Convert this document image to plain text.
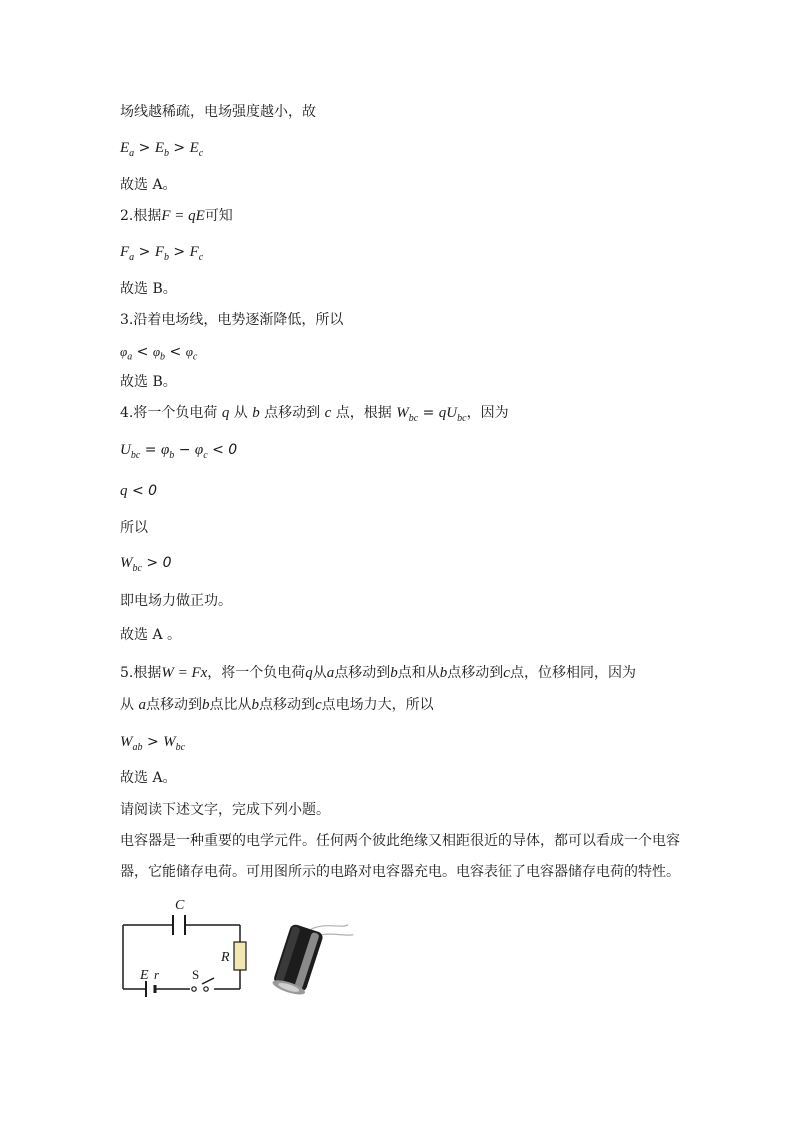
场线越稀疏，电场强度越小，故
$E_a > E_b > E_c$
故选 A。
2.根据F = qE可知
$F_a > F_b > F_c$
故选 B。
3.沿着电场线，电势逐渐降低，所以
$\varphi_a < \varphi_b < \varphi_c$
故选 B。
4.将一个负电荷 q 从 b 点移动到 c 点，根据 $W_{bc} = qU_{bc}$，因为
$U_{bc} = \varphi_b - \varphi_c < 0$
q < 0
所以
$W_{bc} > 0$
即电场力做正功。
故选 A 。
5.根据W = Fx，将一个负电荷q从a点移动到b点和从b点移动到c点，位移相同，因为
从 a点移动到b点比从b点移动到c点电场力大，所以
$W_{ab} > W_{bc}$
故选 A。
请阅读下述文字，完成下列小题。
电容器是一种重要的电学元件。任何两个彼此绝缘又相距很近的导体，都可以看成一个电容
器，它能储存电荷。可用图所示的电路对电容器充电。电容表征了电容器储存电荷的特性。
C
R
E r	S
